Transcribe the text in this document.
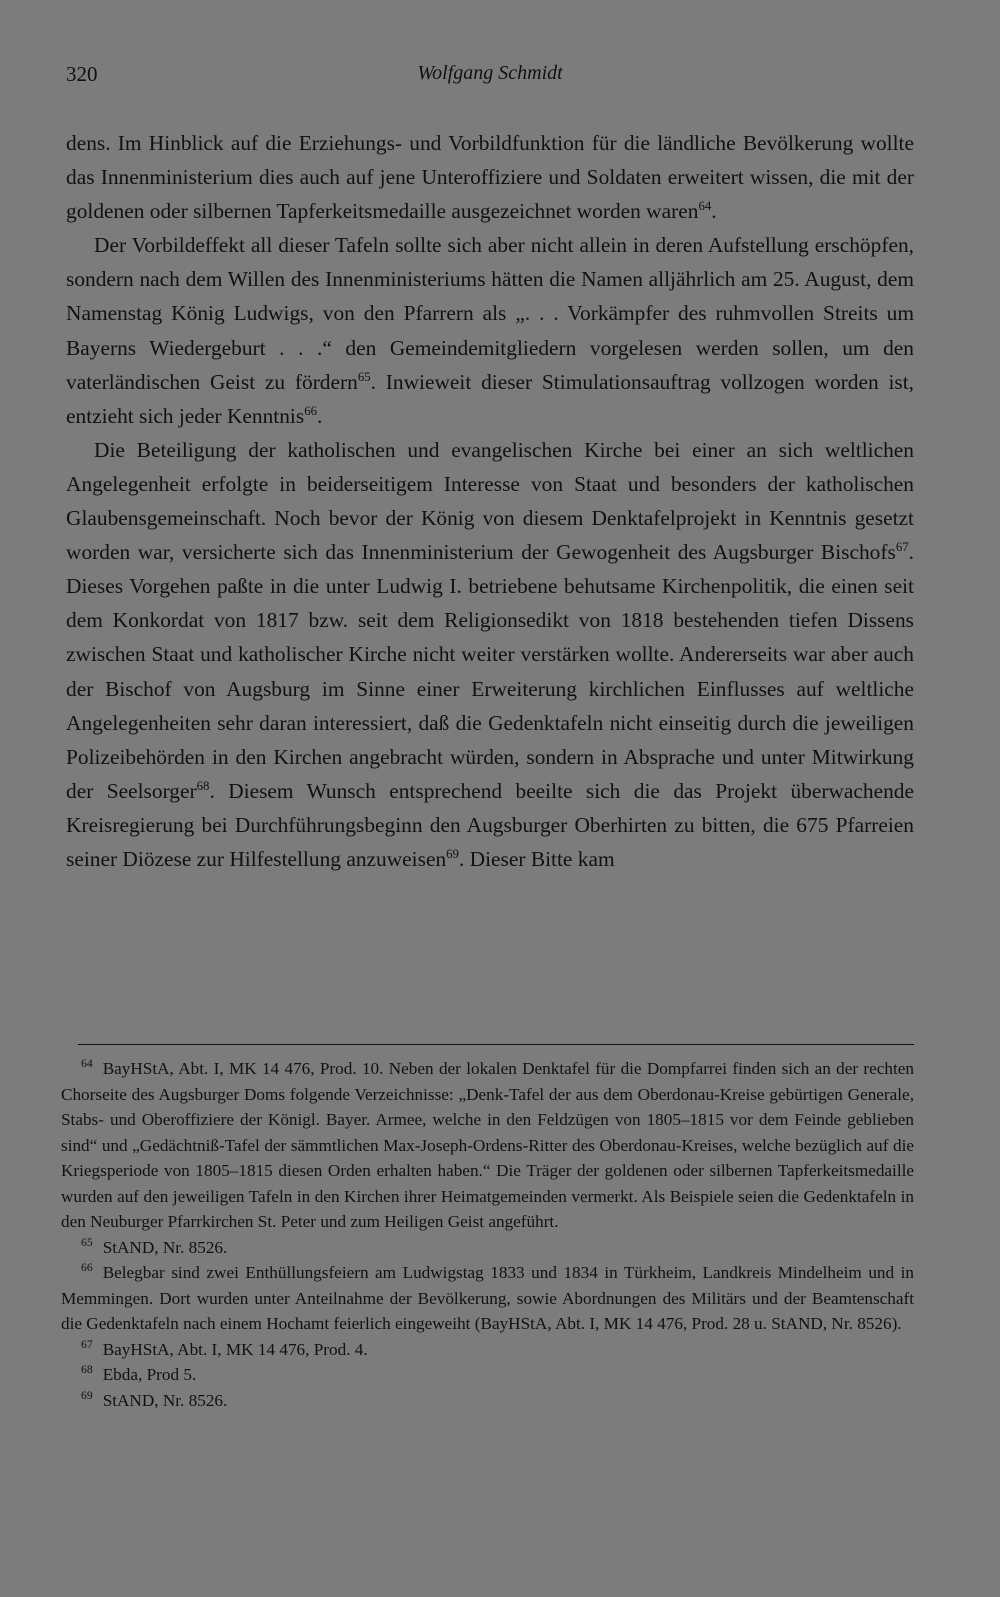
320	Wolfgang Schmidt

dens. Im Hinblick auf die Erziehungs- und Vorbildfunktion für die ländliche Bevölkerung wollte das Innenministerium dies auch auf jene Unteroffiziere und Soldaten erweitert wissen, die mit der goldenen oder silbernen Tapferkeitsmedaille ausgezeichnet worden waren$^{64}$.

Der Vorbildeffekt all dieser Tafeln sollte sich aber nicht allein in deren Aufstellung erschöpfen, sondern nach dem Willen des Innenministeriums hätten die Namen alljährlich am 25. August, dem Namenstag König Ludwigs, von den Pfarrern als „. . . Vorkämpfer des ruhmvollen Streits um Bayerns Wiedergeburt . . .“ den Gemeindemitgliedern vorgelesen werden sollen, um den vaterländischen Geist zu fördern$^{65}$. Inwieweit dieser Stimulationsauftrag vollzogen worden ist, entzieht sich jeder Kenntnis$^{66}$.

Die Beteiligung der katholischen und evangelischen Kirche bei einer an sich weltlichen Angelegenheit erfolgte in beiderseitigem Interesse von Staat und besonders der katholischen Glaubensgemeinschaft. Noch bevor der König von diesem Denktafelprojekt in Kenntnis gesetzt worden war, versicherte sich das Innenministerium der Gewogenheit des Augsburger Bischofs$^{67}$. Dieses Vorgehen paßte in die unter Ludwig I. betriebene behutsame Kirchenpolitik, die einen seit dem Konkordat von 1817 bzw. seit dem Religionsedikt von 1818 bestehenden tiefen Dissens zwischen Staat und katholischer Kirche nicht weiter verstärken wollte. Andererseits war aber auch der Bischof von Augsburg im Sinne einer Erweiterung kirchlichen Einflusses auf weltliche Angelegenheiten sehr daran interessiert, daß die Gedenktafeln nicht einseitig durch die jeweiligen Polizeibehörden in den Kirchen angebracht würden, sondern in Absprache und unter Mitwirkung der Seelsorger$^{68}$. Diesem Wunsch entsprechend beeilte sich die das Projekt überwachende Kreisregierung bei Durchführungsbeginn den Augsburger Oberhirten zu bitten, die 675 Pfarreien seiner Diözese zur Hilfestellung anzuweisen$^{69}$. Dieser Bitte kam

$^{64}$ BayHStA, Abt. I, MK 14 476, Prod. 10. Neben der lokalen Denktafel für die Dompfarrei finden sich an der rechten Chorseite des Augsburger Doms folgende Verzeichnisse: „Denk-Tafel der aus dem Oberdonau-Kreise gebürtigen Generale, Stabs- und Oberoffiziere der Königl. Bayer. Armee, welche in den Feldzügen von 1805–1815 vor dem Feinde geblieben sind“ und „Gedächtniß-Tafel der sämmtlichen Max-Joseph-Ordens-Ritter des Oberdonau-Kreises, welche bezüglich auf die Kriegsperiode von 1805–1815 diesen Orden erhalten haben.“ Die Träger der goldenen oder silbernen Tapferkeitsmedaille wurden auf den jeweiligen Tafeln in den Kirchen ihrer Heimatgemeinden vermerkt. Als Beispiele seien die Gedenktafeln in den Neuburger Pfarrkirchen St. Peter und zum Heiligen Geist angeführt.

$^{65}$ StAND, Nr. 8526.

$^{66}$ Belegbar sind zwei Enthüllungsfeiern am Ludwigstag 1833 und 1834 in Türkheim, Landkreis Mindelheim und in Memmingen. Dort wurden unter Anteilnahme der Bevölkerung, sowie Abordnungen des Militärs und der Beamtenschaft die Gedenktafeln nach einem Hochamt feierlich eingeweiht (BayHStA, Abt. I, MK 14 476, Prod. 28 u. StAND, Nr. 8526).

$^{67}$ BayHStA, Abt. I, MK 14 476, Prod. 4.

$^{68}$ Ebda, Prod 5.

$^{69}$ StAND, Nr. 8526.
